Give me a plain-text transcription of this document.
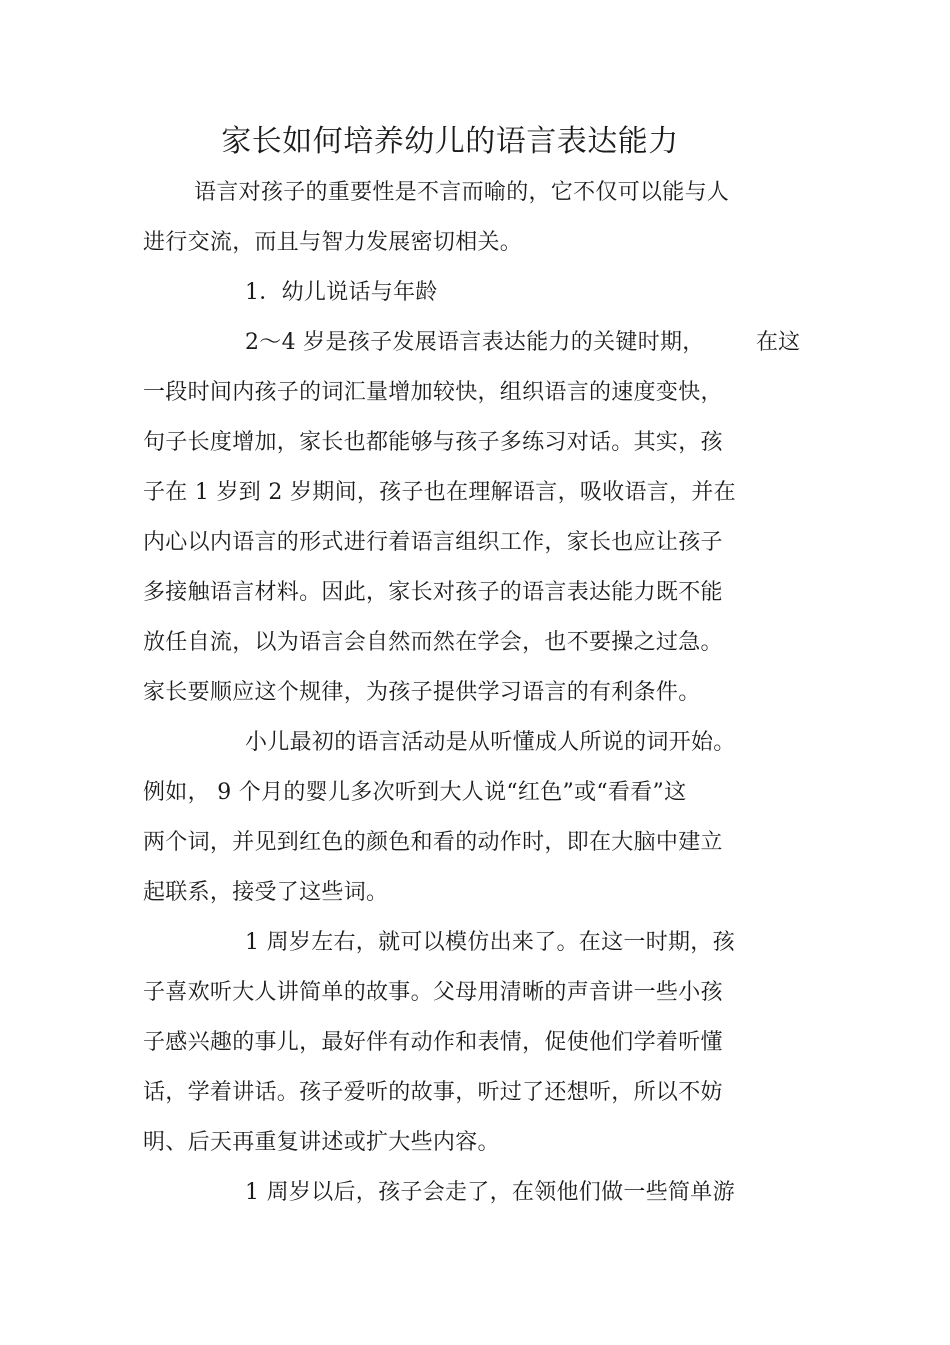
家长如何培养幼儿的语言表达能力
语言对孩子的重要性是不言而喻的，它不仅可以能与人
进行交流，而且与智力发展密切相关。
1．幼儿说话与年龄
2～4 岁是孩子发展语言表达能力的关键时期， 在这
一段时间内孩子的词汇量增加较快，组织语言的速度变快，
句子长度增加，家长也都能够与孩子多练习对话。其实，孩
子在 1 岁到 2 岁期间，孩子也在理解语言，吸收语言，并在
内心以内语言的形式进行着语言组织工作，家长也应让孩子
多接触语言材料。因此，家长对孩子的语言表达能力既不能
放任自流，以为语言会自然而然在学会，也不要操之过急。
家长要顺应这个规律，为孩子提供学习语言的有利条件。
小儿最初的语言活动是从听懂成人所说的词开始。
例如， 9 个月的婴儿多次听到大人说“红色”或“看看”这
两个词，并见到红色的颜色和看的动作时，即在大脑中建立
起联系，接受了这些词。
1 周岁左右，就可以模仿出来了。在这一时期，孩
子喜欢听大人讲简单的故事。父母用清晰的声音讲一些小孩
子感兴趣的事儿，最好伴有动作和表情，促使他们学着听懂
话，学着讲话。孩子爱听的故事，听过了还想听，所以不妨
明、后天再重复讲述或扩大些内容。
1 周岁以后，孩子会走了，在领他们做一些简单游
